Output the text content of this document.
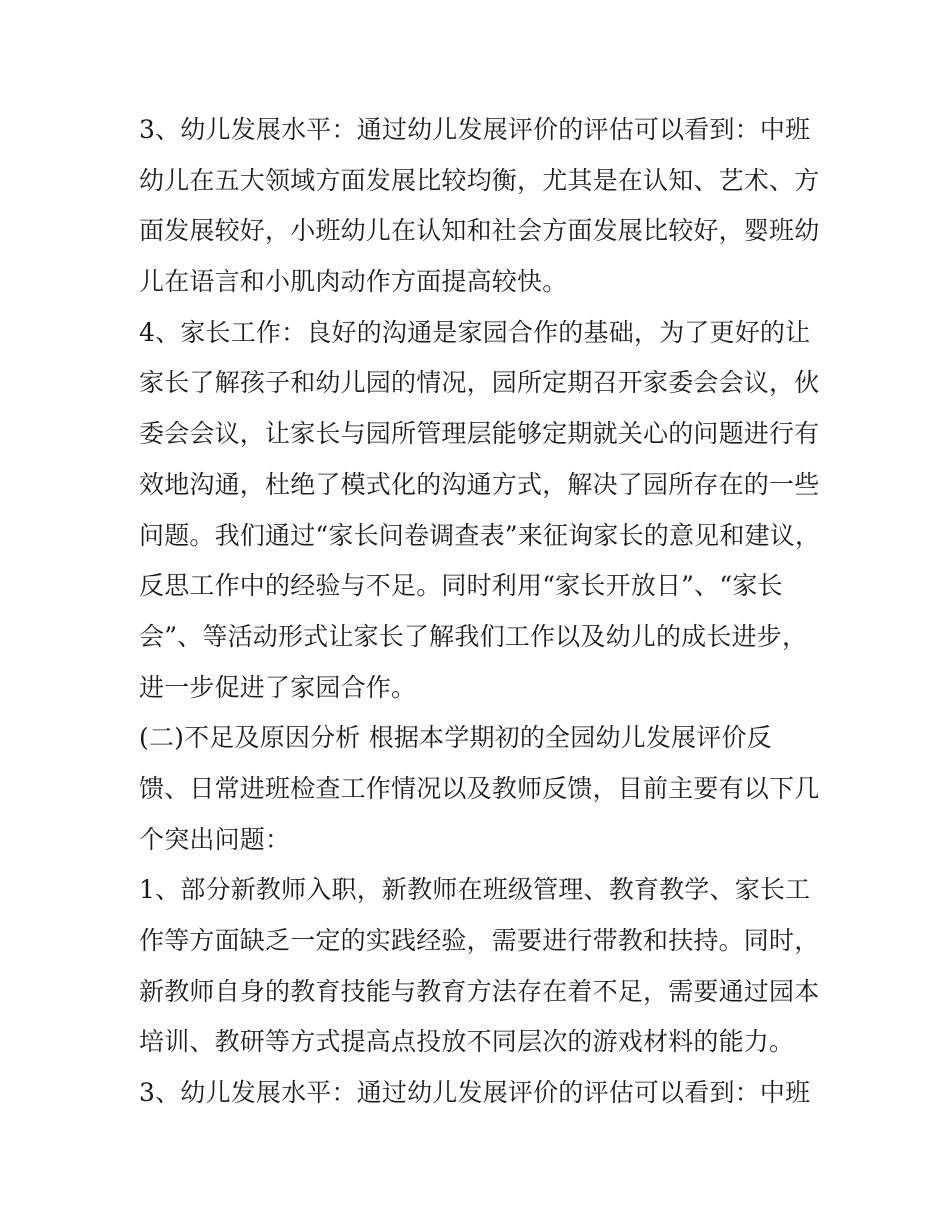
3、幼儿发展水平：通过幼儿发展评价的评估可以看到：中班
幼儿在五大领域方面发展比较均衡，尤其是在认知、艺术、方
面发展较好，小班幼儿在认知和社会方面发展比较好，婴班幼
儿在语言和小肌肉动作方面提高较快。
4、家长工作：良好的沟通是家园合作的基础，为了更好的让
家长了解孩子和幼儿园的情况，园所定期召开家委会会议，伙
委会会议，让家长与园所管理层能够定期就关心的问题进行有
效地沟通，杜绝了模式化的沟通方式，解决了园所存在的一些
问题。我们通过“家长问卷调查表”来征询家长的意见和建议，
反思工作中的经验与不足。同时利用“家长开放日”、“家长
会”、等活动形式让家长了解我们工作以及幼儿的成长进步，
进一步促进了家园合作。
(二)不足及原因分析 根据本学期初的全园幼儿发展评价反
馈、日常进班检查工作情况以及教师反馈，目前主要有以下几
个突出问题：
1、部分新教师入职，新教师在班级管理、教育教学、家长工
作等方面缺乏一定的实践经验，需要进行带教和扶持。同时，
新教师自身的教育技能与教育方法存在着不足，需要通过园本
培训、教研等方式提高点投放不同层次的游戏材料的能力。
3、幼儿发展水平：通过幼儿发展评价的评估可以看到：中班
